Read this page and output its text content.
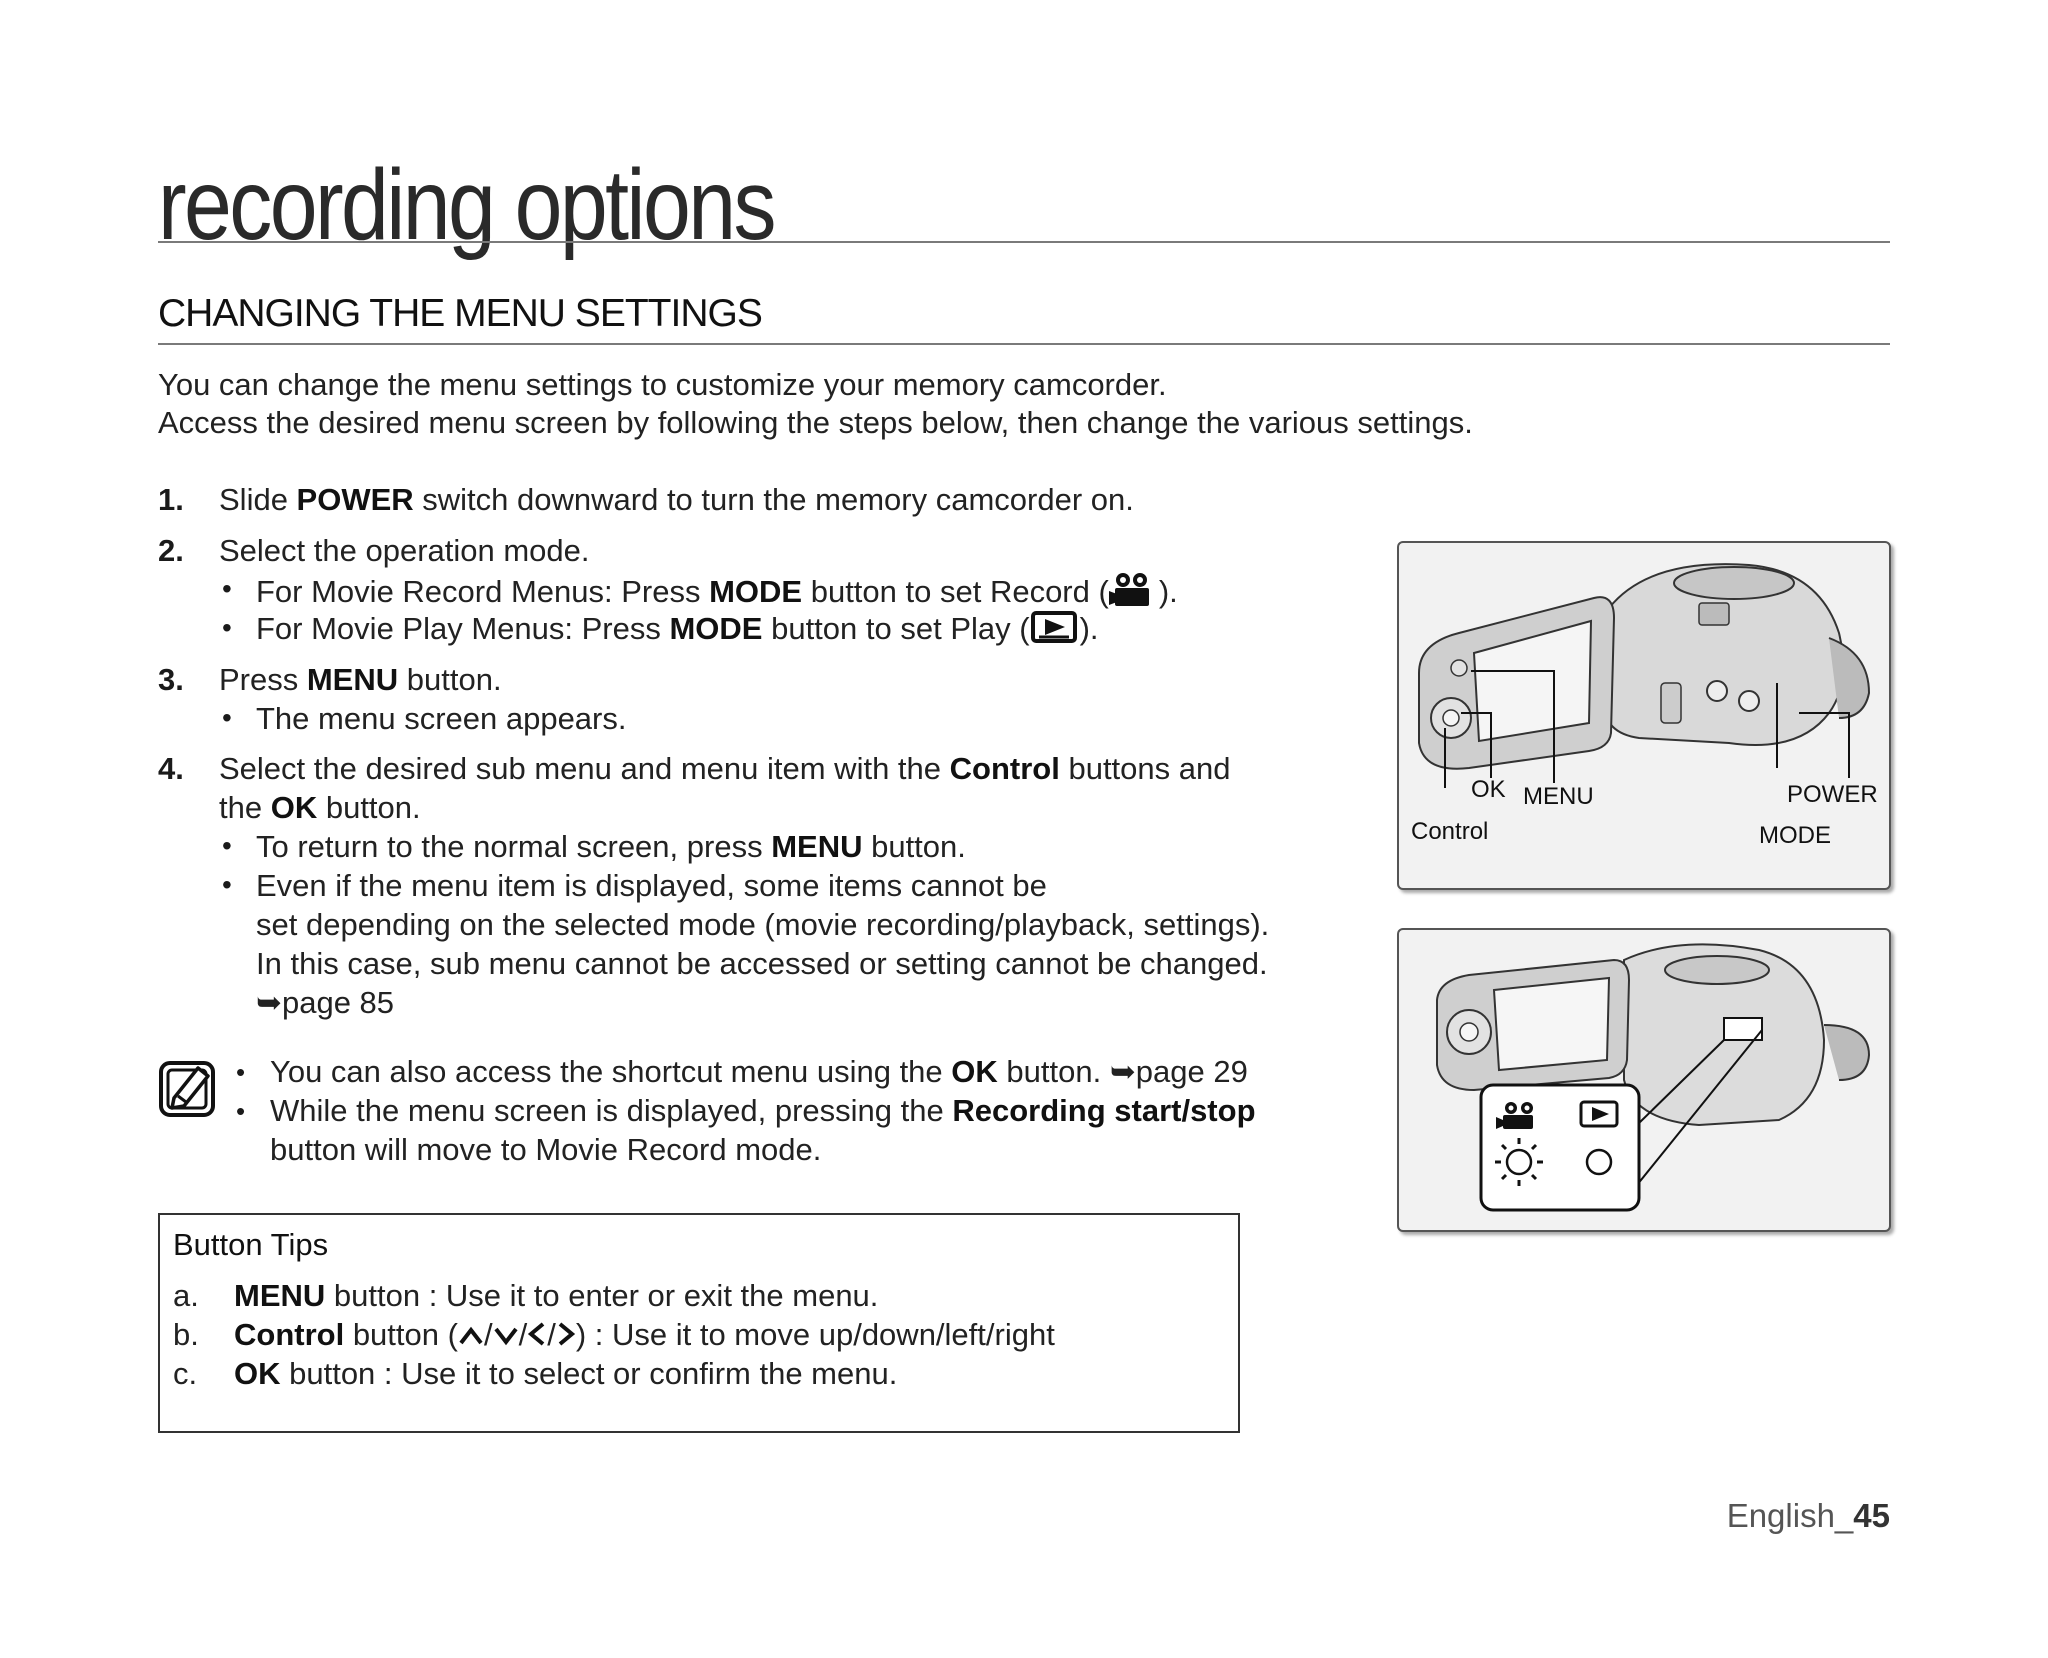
recording options
CHANGING THE MENU SETTINGS
You can change the menu settings to customize your memory camcorder.
Access the desired menu screen by following the steps below, then change the various settings.
1. Slide POWER switch downward to turn the memory camcorder on.
2. Select the operation mode.
• For Movie Record Menus: Press MODE button to set Record ( ).
• For Movie Play Menus: Press MODE button to set Play ( ).
3. Press MENU button.
• The menu screen appears.
4. Select the desired sub menu and menu item with the Control buttons and
the OK button.
• To return to the normal screen, press MENU button.
• Even if the menu item is displayed, some items cannot be
set depending on the selected mode (movie recording/playback, settings).
In this case, sub menu cannot be accessed or setting cannot be changed.
➥page 85
• You can also access the shortcut menu using the OK button. ➥page 29
• While the menu screen is displayed, pressing the Recording start/stop
button will move to Movie Record mode.
OK MENU
Control
POWER
MODE
Button Tips
a. MENU button : Use it to enter or exit the menu.
b. Control button ( / / / ) : Use it to move up/down/left/right
c. OK button : Use it to select or confirm the menu.
English_45
